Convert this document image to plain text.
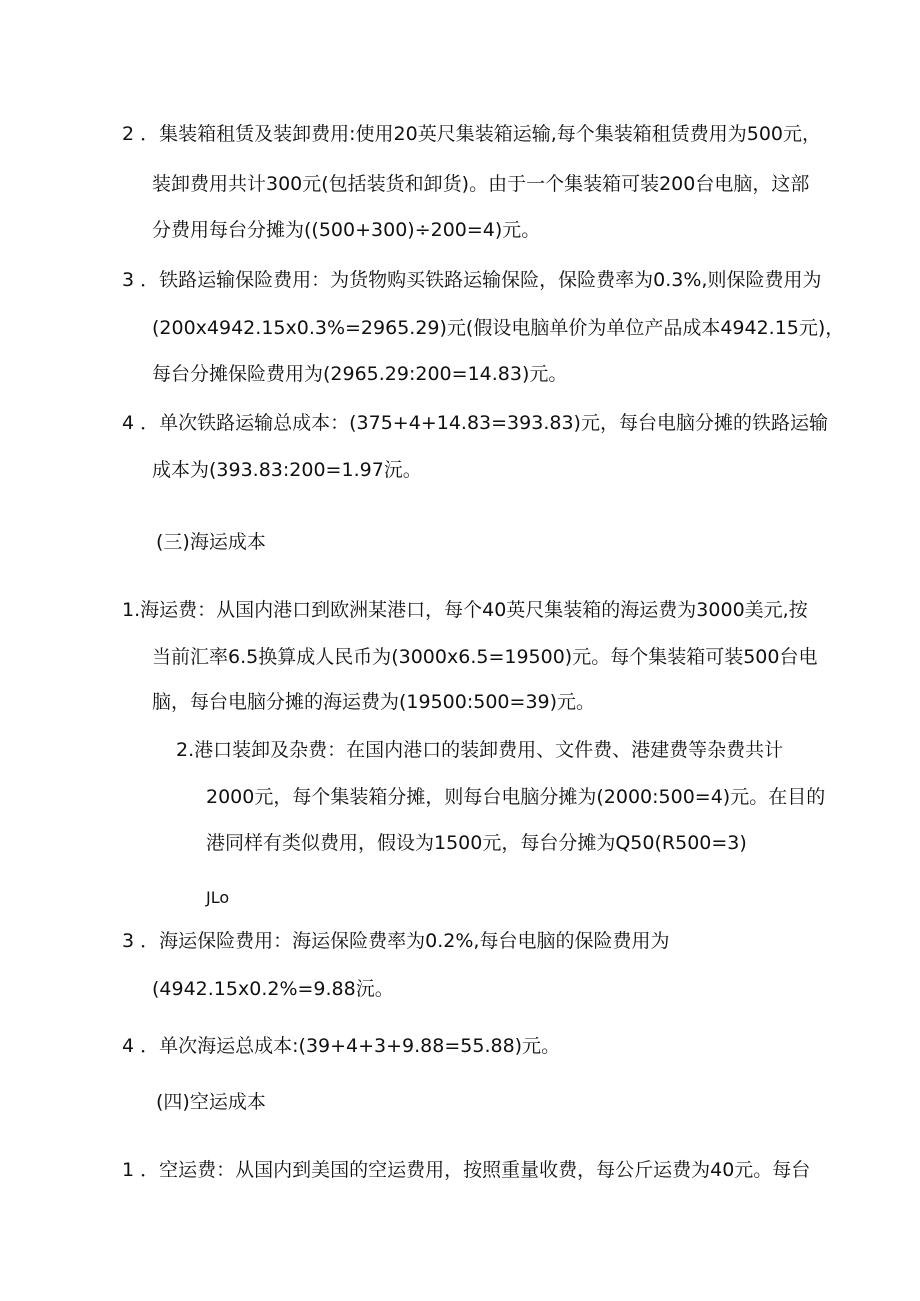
2 ．集装箱租赁及装卸费用:使用20英尺集装箱运输,每个集装箱租赁费用为500元，
装卸费用共计300元(包括装货和卸货)。由于一个集装箱可装200台电脑，这部
分费用每台分摊为((500+300)÷200=4)元。
3 ．铁路运输保险费用：为货物购买铁路运输保险，保险费率为0.3%,则保险费用为
(200x4942.15x0.3%=2965.29)元(假设电脑单价为单位产品成本4942.15元)，
每台分摊保险费用为(2965.29:200=14.83)元。
4 ．单次铁路运输总成本：(375+4+14.83=393.83)元，每台电脑分摊的铁路运输
成本为(393.83:200=1.97沅。
(三)海运成本
1.海运费：从国内港口到欧洲某港口，每个40英尺集装箱的海运费为3000美元,按
当前汇率6.5换算成人民币为(3000x6.5=19500)元。每个集装箱可装500台电
脑，每台电脑分摊的海运费为(19500:500=39)元。
2.港口装卸及杂费：在国内港口的装卸费用、文件费、港建费等杂费共计
2000元，每个集装箱分摊，则每台电脑分摊为(2000:500=4)元。在目的
港同样有类似费用，假设为1500元，每台分摊为Q50(R500=3)
JLo
3 ．海运保险费用：海运保险费率为0.2%,每台电脑的保险费用为
(4942.15x0.2%=9.88沅。
4 ．单次海运总成本:(39+4+3+9.88=55.88)元。
(四)空运成本
1 ．空运费：从国内到美国的空运费用，按照重量收费，每公斤运费为40元。每台
